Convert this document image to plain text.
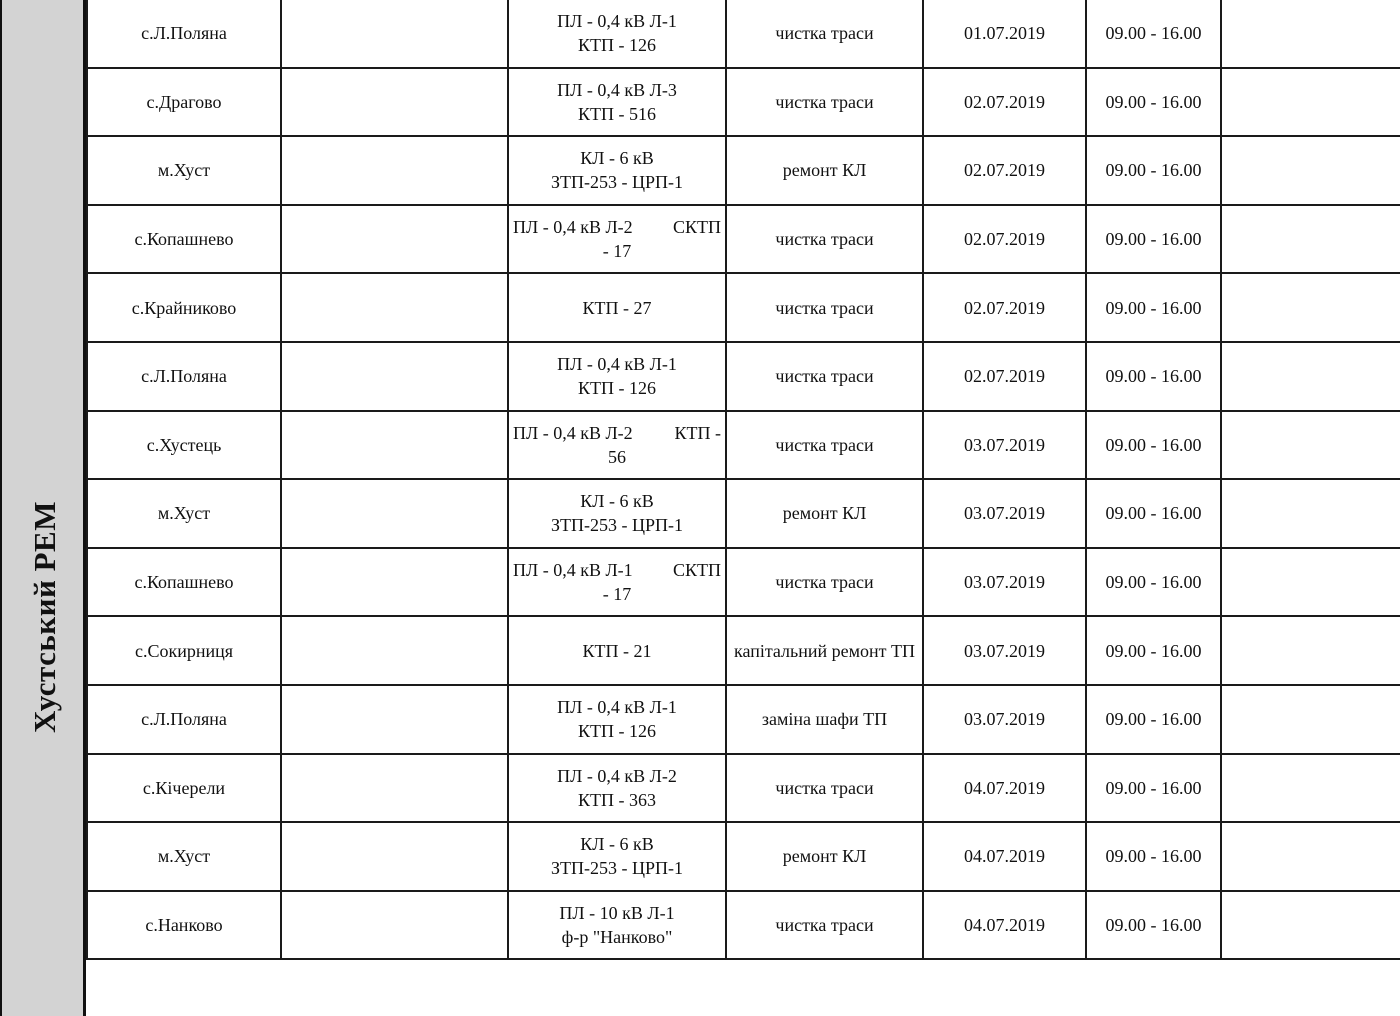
Хустський РЕМ
с.Л.Поляна		ПЛ - 0,4 кВ Л-1
КТП - 126	чистка траси	01.07.2019	09.00 - 16.00	
с.Драгово		ПЛ - 0,4 кВ Л-3
КТП - 516	чистка траси	02.07.2019	09.00 - 16.00	
м.Хуст		КЛ - 6 кВ
ЗТП-253 - ЦРП-1	ремонт КЛ	02.07.2019	09.00 - 16.00	
с.Копашнево		ПЛ - 0,4 кВ Л-2 СКТП
- 17	чистка траси	02.07.2019	09.00 - 16.00	
с.Крайниково		КТП - 27	чистка траси	02.07.2019	09.00 - 16.00	
с.Л.Поляна		ПЛ - 0,4 кВ Л-1
КТП - 126	чистка траси	02.07.2019	09.00 - 16.00	
с.Хустець		ПЛ - 0,4 кВ Л-2 КТП -
56	чистка траси	03.07.2019	09.00 - 16.00	
м.Хуст		КЛ - 6 кВ
ЗТП-253 - ЦРП-1	ремонт КЛ	03.07.2019	09.00 - 16.00	
с.Копашнево		ПЛ - 0,4 кВ Л-1 СКТП
- 17	чистка траси	03.07.2019	09.00 - 16.00	
с.Сокирниця		КТП - 21	капітальний ремонт ТП	03.07.2019	09.00 - 16.00	
с.Л.Поляна		ПЛ - 0,4 кВ Л-1
КТП - 126	заміна шафи ТП	03.07.2019	09.00 - 16.00	
с.Кічерели		ПЛ - 0,4 кВ Л-2
КТП - 363	чистка траси	04.07.2019	09.00 - 16.00	
м.Хуст		КЛ - 6 кВ
ЗТП-253 - ЦРП-1	ремонт КЛ	04.07.2019	09.00 - 16.00	
с.Нанково		ПЛ - 10 кВ Л-1
ф-р "Нанково"	чистка траси	04.07.2019	09.00 - 16.00	
